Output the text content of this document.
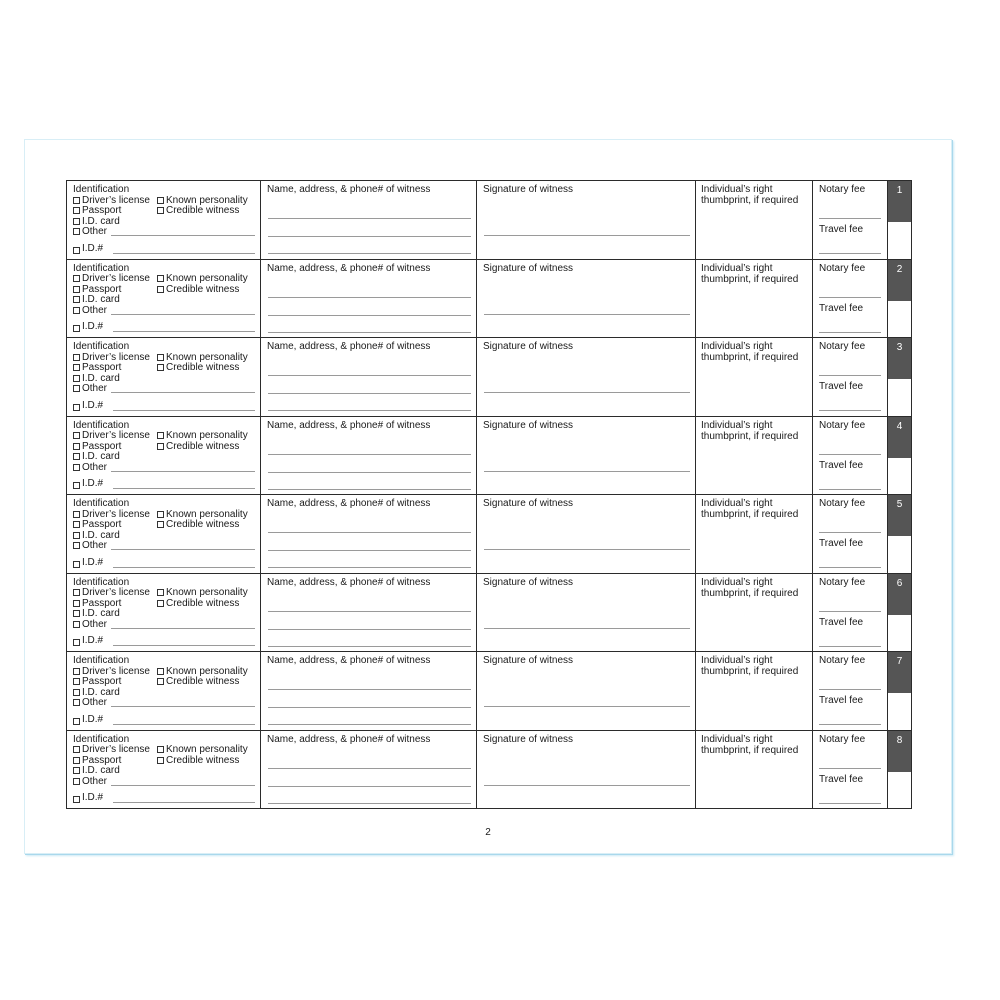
Identification
Driver’s license Known personality
Passport	Credible witness
I.D. card
Other
I.D.#

Name, address, & phone# of witness	Signature of witness	Individual’s right
thumbprint, if required

Notary fee
Travel fee

1

Identification
Driver’s license Known personality
Passport	Credible witness
I.D. card
Other
I.D.#

Name, address, & phone# of witness	Signature of witness	Individual’s right
thumbprint, if required

Notary fee
Travel fee

2

Identification
Driver’s license Known personality
Passport	Credible witness
I.D. card
Other
I.D.#

Name, address, & phone# of witness	Signature of witness	Individual’s right
thumbprint, if required

Notary fee
Travel fee

3

Identification
Driver’s license Known personality
Passport	Credible witness
I.D. card
Other
I.D.#

Name, address, & phone# of witness	Signature of witness	Individual’s right
thumbprint, if required

Notary fee
Travel fee

4

Identification
Driver’s license Known personality
Passport	Credible witness
I.D. card
Other
I.D.#

Name, address, & phone# of witness	Signature of witness	Individual’s right
thumbprint, if required

Notary fee
Travel fee

5

Identification
Driver’s license Known personality
Passport	Credible witness
I.D. card
Other
I.D.#

Name, address, & phone# of witness	Signature of witness	Individual’s right
thumbprint, if required

Notary fee
Travel fee

6

Identification
Driver’s license Known personality
Passport	Credible witness
I.D. card
Other
I.D.#

Name, address, & phone# of witness	Signature of witness	Individual’s right
thumbprint, if required

Notary fee
Travel fee

7

Identification
Driver’s license Known personality
Passport	Credible witness
I.D. card
Other
I.D.#

Name, address, & phone# of witness	Signature of witness	Individual’s right
thumbprint, if required

Notary fee
Travel fee

8
2
